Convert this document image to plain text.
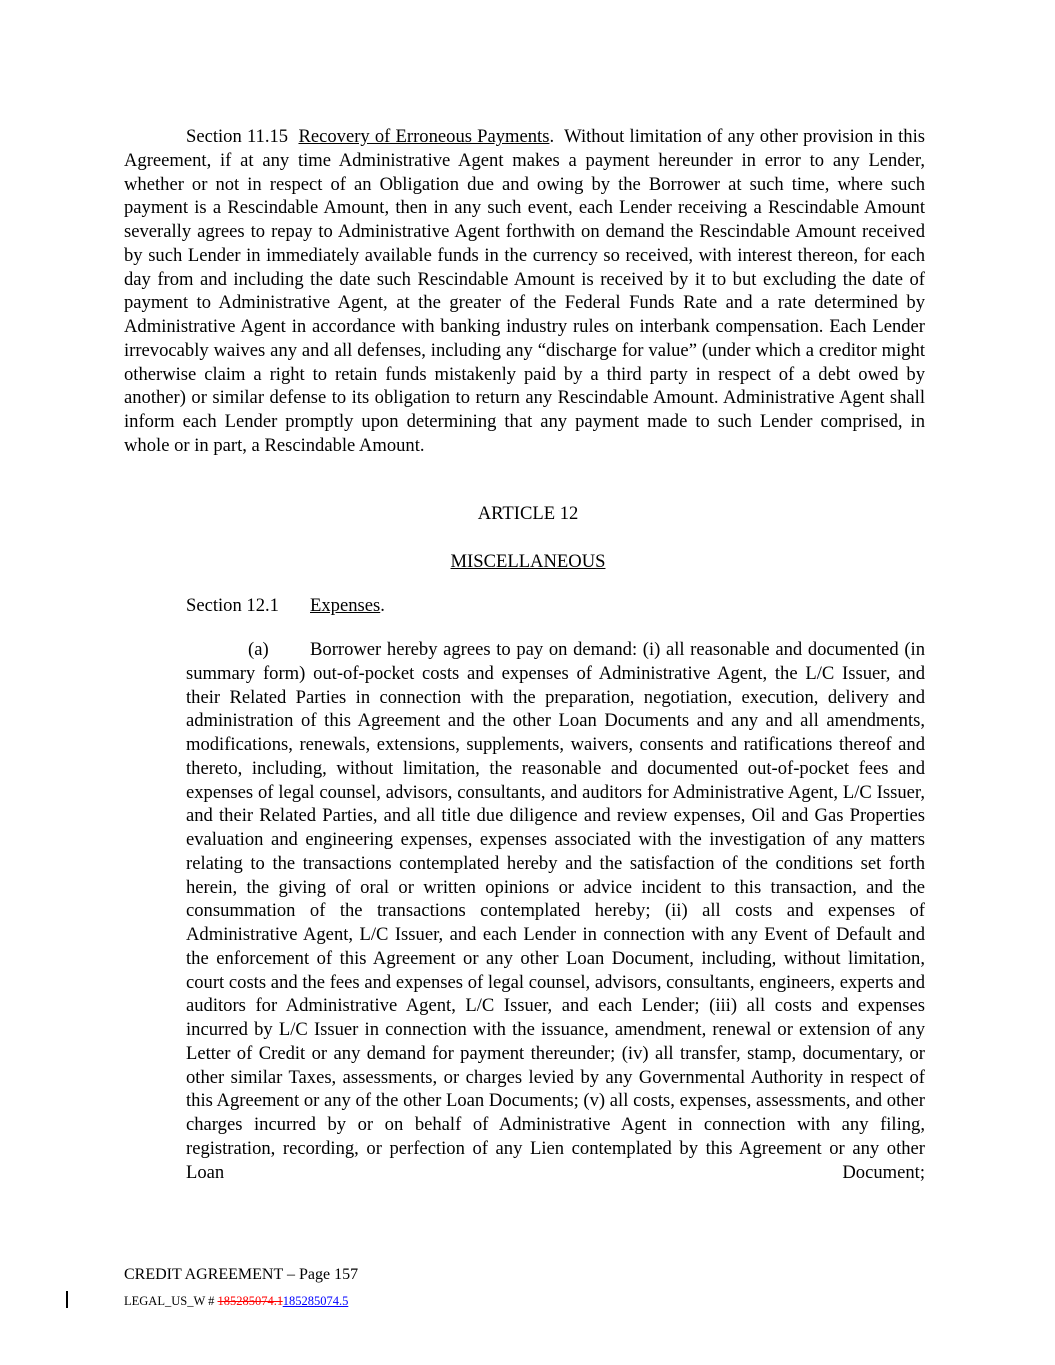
Section 11.15 Recovery of Erroneous Payments. Without limitation of any other provision in this Agreement, if at any time Administrative Agent makes a payment hereunder in error to any Lender, whether or not in respect of an Obligation due and owing by the Borrower at such time, where such payment is a Rescindable Amount, then in any such event, each Lender receiving a Rescindable Amount severally agrees to repay to Administrative Agent forthwith on demand the Rescindable Amount received by such Lender in immediately available funds in the currency so received, with interest thereon, for each day from and including the date such Rescindable Amount is received by it to but excluding the date of payment to Administrative Agent, at the greater of the Federal Funds Rate and a rate determined by Administrative Agent in accordance with banking industry rules on interbank compensation. Each Lender irrevocably waives any and all defenses, including any “discharge for value” (under which a creditor might otherwise claim a right to retain funds mistakenly paid by a third party in respect of a debt owed by another) or similar defense to its obligation to return any Rescindable Amount. Administrative Agent shall inform each Lender promptly upon determining that any payment made to such Lender comprised, in whole or in part, a Rescindable Amount.

ARTICLE 12

MISCELLANEOUS

Section 12.1 Expenses.

(a) Borrower hereby agrees to pay on demand: (i) all reasonable and documented (in summary form) out-of-pocket costs and expenses of Administrative Agent, the L/C Issuer, and their Related Parties in connection with the preparation, negotiation, execution, delivery and administration of this Agreement and the other Loan Documents and any and all amendments, modifications, renewals, extensions, supplements, waivers, consents and ratifications thereof and thereto, including, without limitation, the reasonable and documented out-of-pocket fees and expenses of legal counsel, advisors, consultants, and auditors for Administrative Agent, L/C Issuer, and their Related Parties, and all title due diligence and review expenses, Oil and Gas Properties evaluation and engineering expenses, expenses associated with the investigation of any matters relating to the transactions contemplated hereby and the satisfaction of the conditions set forth herein, the giving of oral or written opinions or advice incident to this transaction, and the consummation of the transactions contemplated hereby; (ii) all costs and expenses of Administrative Agent, L/C Issuer, and each Lender in connection with any Event of Default and the enforcement of this Agreement or any other Loan Document, including, without limitation, court costs and the fees and expenses of legal counsel, advisors, consultants, engineers, experts and auditors for Administrative Agent, L/C Issuer, and each Lender; (iii) all costs and expenses incurred by L/C Issuer in connection with the issuance, amendment, renewal or extension of any Letter of Credit or any demand for payment thereunder; (iv) all transfer, stamp, documentary, or other similar Taxes, assessments, or charges levied by any Governmental Authority in respect of this Agreement or any of the other Loan Documents; (v) all costs, expenses, assessments, and other charges incurred by or on behalf of Administrative Agent in connection with any filing, registration, recording, or perfection of any Lien contemplated by this Agreement or any other Loan Document;

CREDIT AGREEMENT – Page 157

LEGAL_US_W # 185285074.1185285074.5
